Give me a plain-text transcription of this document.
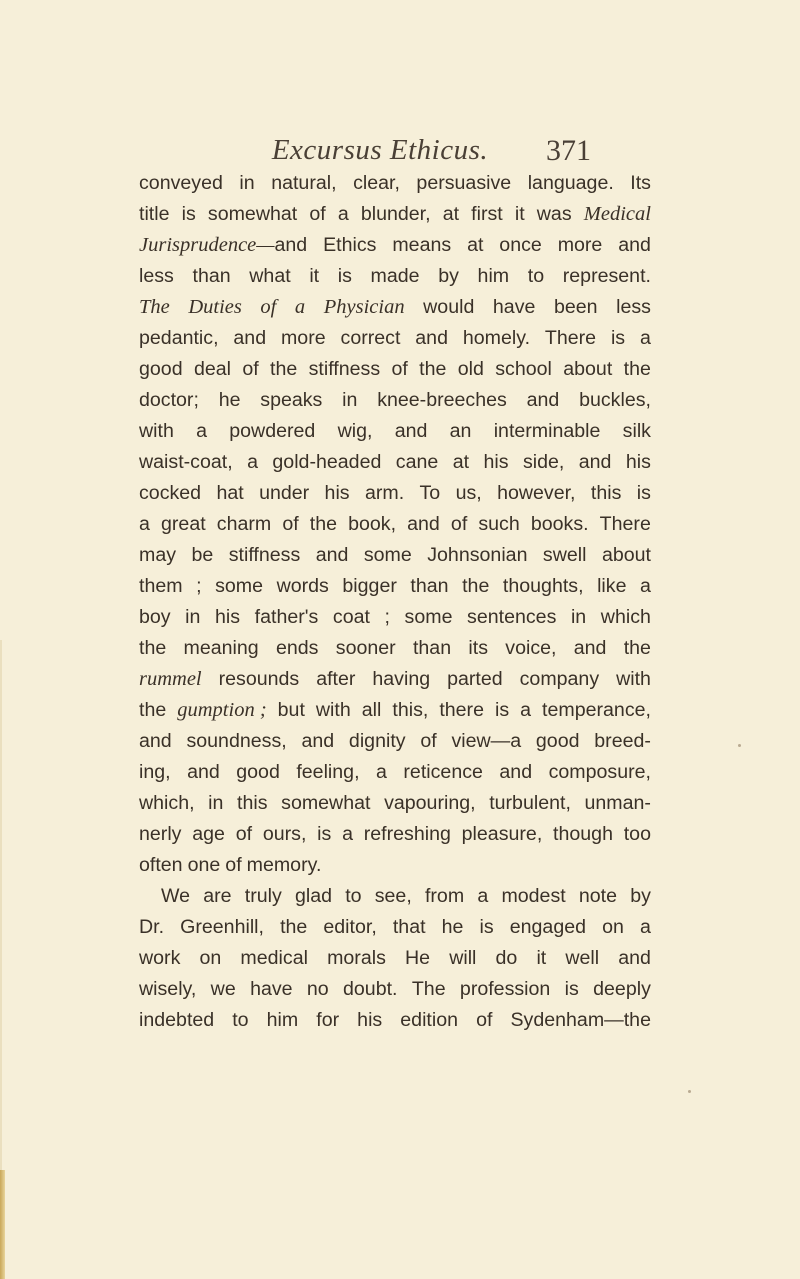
Excursus Ethicus.	371
conveyed in natural, clear, persuasive language. Its
title is somewhat of a blunder, at first it was Medical
Jurisprudence—and Ethics means at once more and
less than what it is made by him to represent.
The Duties of a Physician would have been less
pedantic, and more correct and homely. There is a
good deal of the stiffness of the old school about the
doctor; he speaks in knee-breeches and buckles,
with a powdered wig, and an interminable silk
waist-coat, a gold-headed cane at his side, and his
cocked hat under his arm. To us, however, this is
a great charm of the book, and of such books. There
may be stiffness and some Johnsonian swell about
them ; some words bigger than the thoughts, like a
boy in his father's coat ; some sentences in which
the meaning ends sooner than its voice, and the
rummel resounds after having parted company with
the gumption ; but with all this, there is a temperance,
and soundness, and dignity of view—a good breed-
ing, and good feeling, a reticence and composure,
which, in this somewhat vapouring, turbulent, unman-
nerly age of ours, is a refreshing pleasure, though too
often one of memory.
We are truly glad to see, from a modest note by
Dr. Greenhill, the editor, that he is engaged on a
work on medical morals He will do it well and
wisely, we have no doubt. The profession is deeply
indebted to him for his edition of Sydenham—the
